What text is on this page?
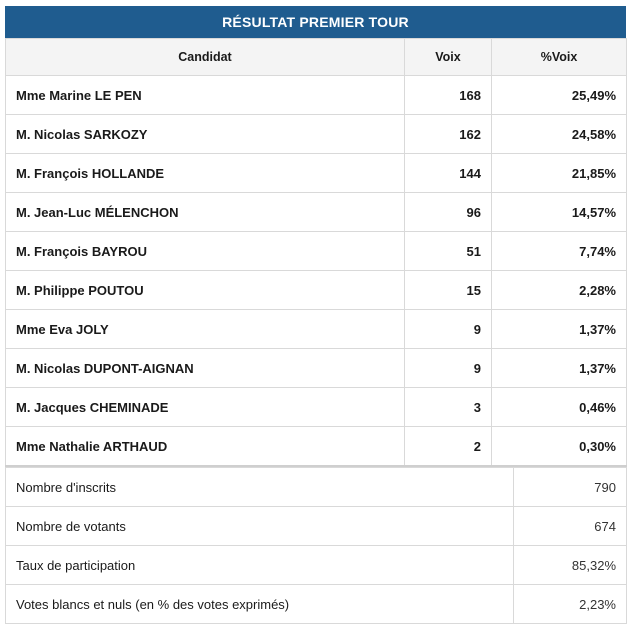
RÉSULTAT PREMIER TOUR
Candidat	Voix	%Voix
Mme Marine LE PEN	168	25,49%
M. Nicolas SARKOZY	162	24,58%
M. François HOLLANDE	144	21,85%
M. Jean-Luc MÉLENCHON	96	14,57%
M. François BAYROU	51	7,74%
M. Philippe POUTOU	15	2,28%
Mme Eva JOLY	9	1,37%
M. Nicolas DUPONT-AIGNAN	9	1,37%
M. Jacques CHEMINADE	3	0,46%
Mme Nathalie ARTHAUD	2	0,30%
Nombre d'inscrits	790
Nombre de votants	674
Taux de participation	85,32%
Votes blancs et nuls (en % des votes exprimés)	2,23%
